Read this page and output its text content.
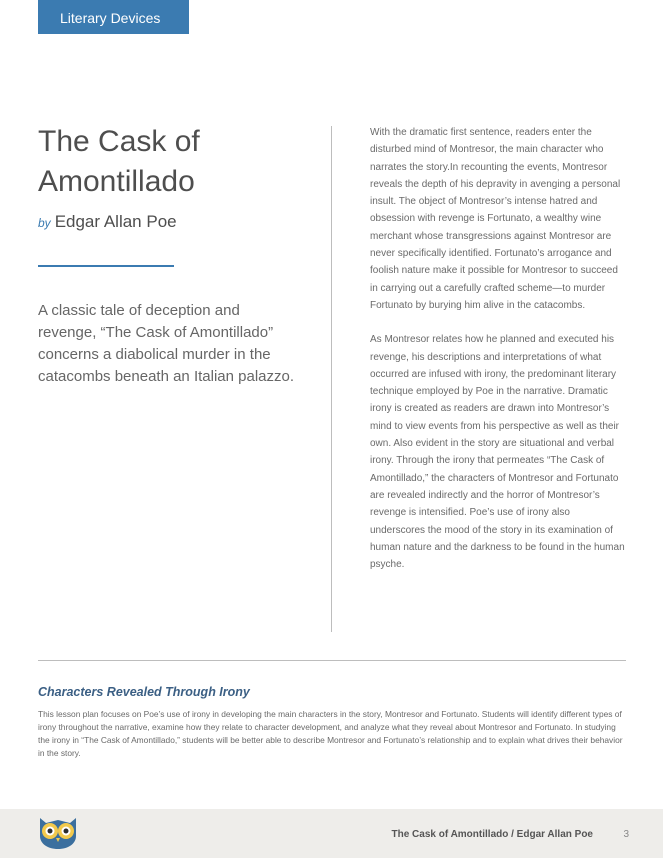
Literary Devices
The Cask of Amontillado
by Edgar Allan Poe

A classic tale of deception and revenge, “The Cask of Amontillado” concerns a diabolical murder in the catacombs beneath an Italian palazzo.

With the dramatic first sentence, readers enter the disturbed mind of Montresor, the main character who narrates the story.In recounting the events, Montresor reveals the depth of his depravity in avenging a personal insult. The object of Montresor’s intense hatred and obsession with revenge is Fortunato, a wealthy wine merchant whose transgressions against Montresor are never specifically identified. Fortunato’s arrogance and foolish nature make it possible for Montresor to succeed in carrying out a carefully crafted scheme—to murder Fortunato by burying him alive in the catacombs.

As Montresor relates how he planned and executed his revenge, his descriptions and interpretations of what occurred are infused with irony, the predominant literary technique employed by Poe in the narrative. Dramatic irony is created as readers are drawn into Montresor’s mind to view events from his perspective as well as their own. Also evident in the story are situational and verbal irony. Through the irony that permeates “The Cask of Amontillado,” the characters of Montresor and Fortunato are revealed indirectly and the horror of Montresor’s revenge is intensified. Poe’s use of irony also underscores the mood of the story in its examination of human nature and the darkness to be found in the human psyche.

Characters Revealed Through Irony

This lesson plan focuses on Poe’s use of irony in developing the main characters in the story, Montresor and Fortunato. Students will identify different types of irony throughout the narrative, examine how they relate to character development, and analyze what they reveal about Montresor and Fortunato. In studying the irony in “The Cask of Amontillado,” students will be better able to describe Montresor and Fortunato’s relationship and to explain what drives their behavior in the story.

The Cask of Amontillado / Edgar Allan Poe	3
